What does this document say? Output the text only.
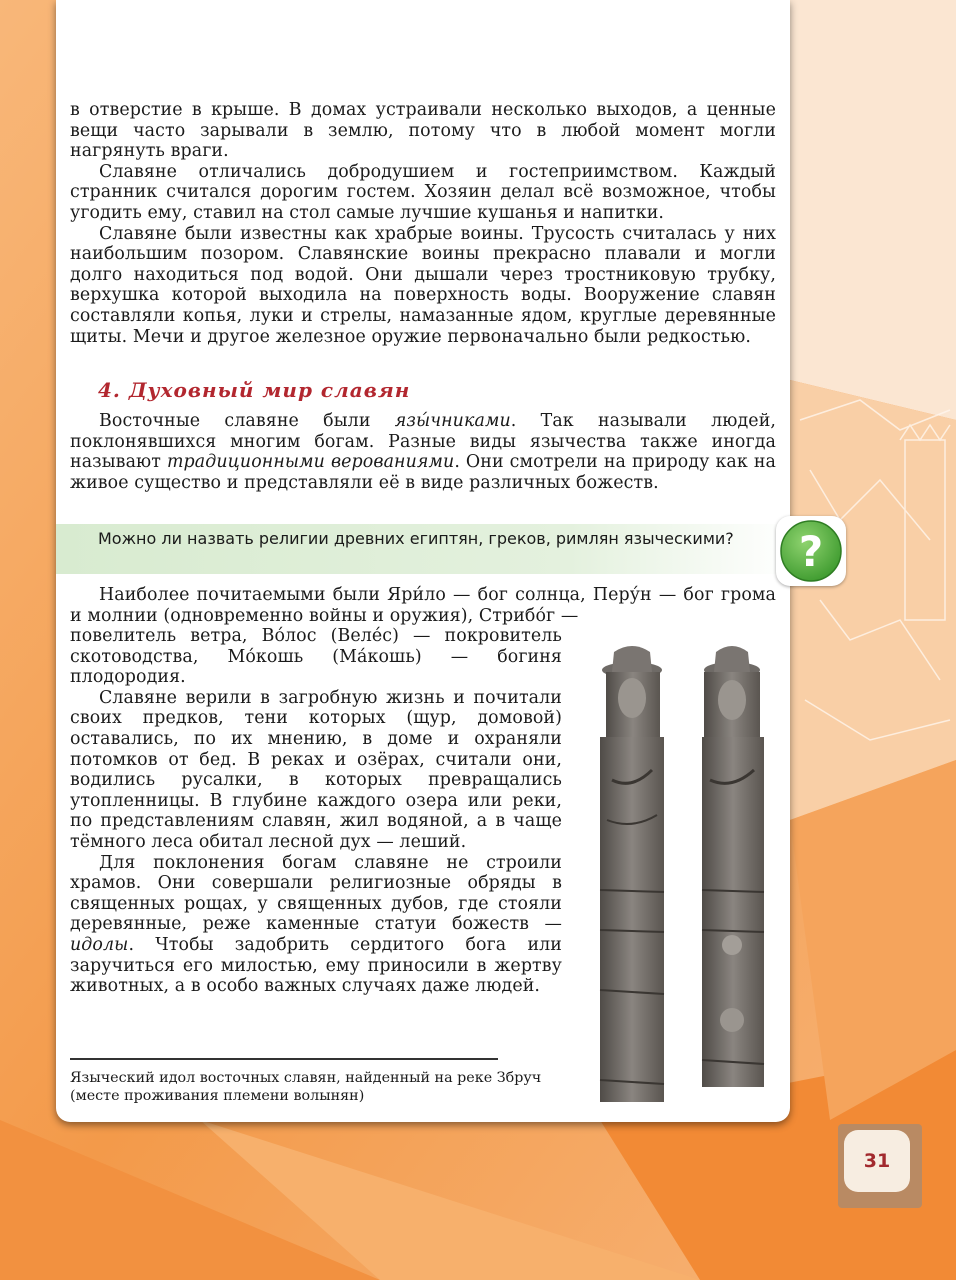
в отверстие в крыше. В домах устраивали несколько выходов, а ценные вещи часто зарывали в землю, потому что в любой момент могли нагрянуть враги.

Славяне отличались добродушием и гостеприимством. Каждый странник считался дорогим гостем. Хозяин делал всё возможное, чтобы угодить ему, ставил на стол самые лучшие кушанья и напитки.

Славяне были известны как храбрые воины. Трусость считалась у них наибольшим позором. Славянские воины прекрасно плавали и могли долго находиться под водой. Они дышали через тростниковую трубку, верхушка которой выходила на поверхность воды. Вооружение славян составляли копья, луки и стрелы, намазанные ядом, круглые деревянные щиты. Мечи и другое железное оружие первоначально были редкостью.

4. Духовный мир славян

Восточные славяне были язы́чниками. Так называли людей, поклонявшихся многим богам. Разные виды язычества также иногда называют традиционными верованиями. Они смотрели на природу как на живое существо и представляли её в виде различных божеств.

Можно ли назвать религии древних египтян, греков, римлян языческими?	?

Наиболее почитаемыми были Яри́ло — бог солнца, Перу́н — бог грома и молнии (одновременно войны и оружия), Стрибо́г —

повелитель ветра, Во́лос (Веле́с) — покровитель скотоводства, Мо́кошь (Ма́кошь) — богиня плодородия.

Славяне верили в загробную жизнь и почитали своих предков, тени которых (щур, домовой) оставались, по их мнению, в доме и охраняли потомков от бед. В реках и озёрах, считали они, водились русалки, в которых превращались утопленницы. В глубине каждого озера или реки, по представлениям славян, жил водяной, а в чаще тёмного леса обитал лесной дух — леший.

Для поклонения богам славяне не строили храмов. Они совершали религиозные обряды в священных рощах, у священных дубов, где стояли деревянные, реже каменные статуи божеств — идолы. Чтобы задобрить сердитого бога или заручиться его милостью, ему приносили в жертву животных, а в особо важных случаях даже людей.

Языческий идол восточных славян, найденный на реке Збруч (месте проживания племени волынян)
31
